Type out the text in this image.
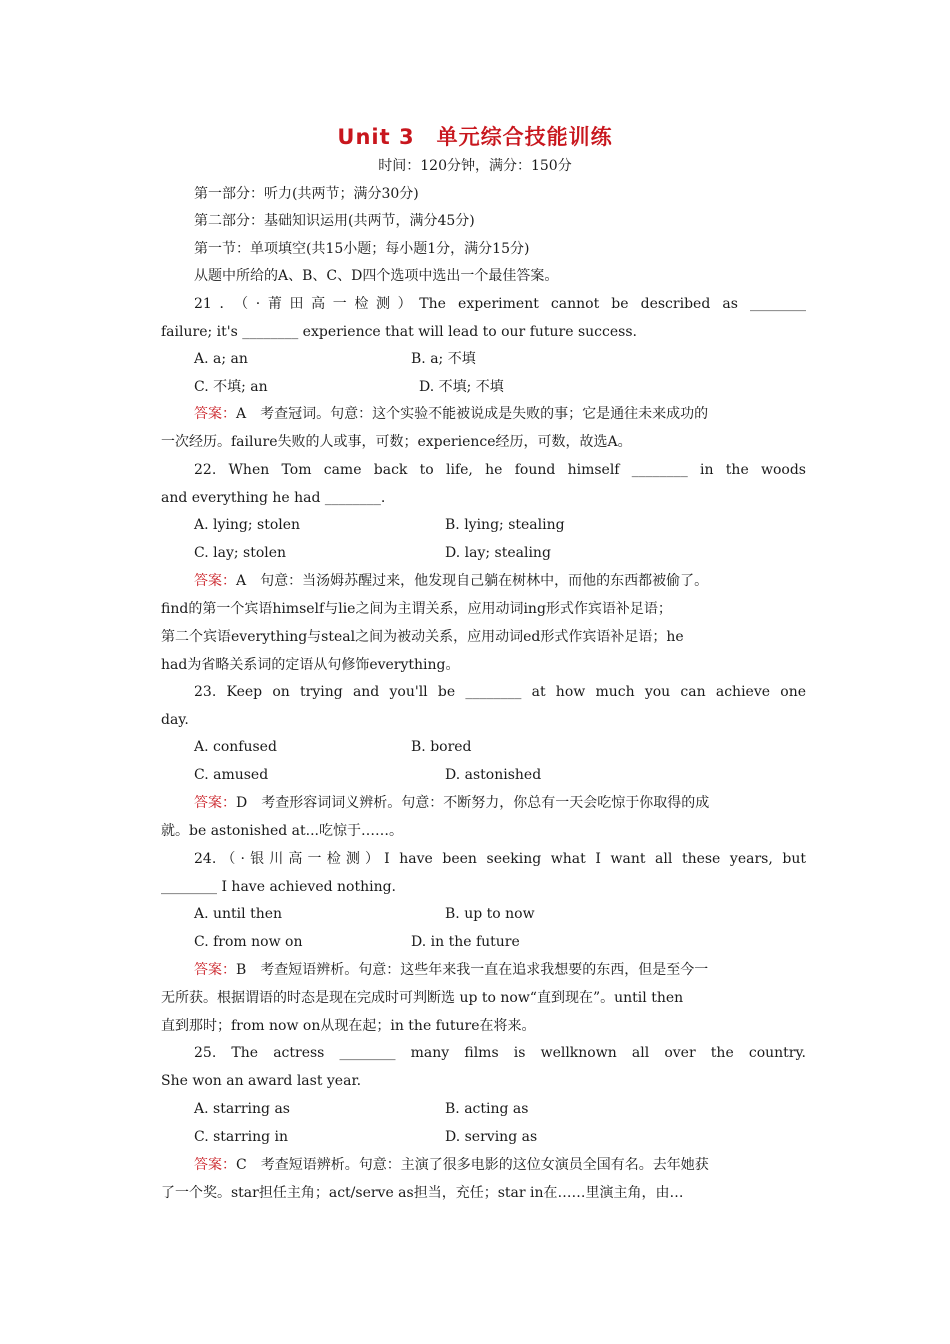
Unit 3　单元综合技能训练
时间：120分钟，满分：150分
第一部分：听力(共两节；满分30分)
第二部分：基础知识运用(共两节，满分45分)
第一节：单项填空(共15小题；每小题1分，满分15分)
从题中所给的A、B、C、D四个选项中选出一个最佳答案。
21．（·莆田高一检测）The experiment cannot be described as ________
failure; it's ________ experience that will lead to our future success.
A. a; an	B. a; 不填
C. 不填; an	D. 不填; 不填
答案：A　考查冠词。句意：这个实验不能被说成是失败的事；它是通往未来成功的
一次经历。failure失败的人或事，可数；experience经历，可数，故选A。
22. When Tom came back to life, he found himself ________ in the woods
and everything he had ________.
A. lying; stolen	B. lying; stealing
C. lay; stolen	D. lay; stealing
答案：A　句意：当汤姆苏醒过来，他发现自己躺在树林中，而他的东西都被偷了。
find的第一个宾语himself与lie之间为主谓关系，应用动词ing形式作宾语补足语；
第二个宾语everything与steal之间为被动关系，应用动词ed形式作宾语补足语；he
had为省略关系词的定语从句修饰everything。
23. Keep on trying and you'll be ________ at how much you can achieve one
day.
A. confused	B. bored
C. amused	D. astonished
答案：D　考查形容词词义辨析。句意：不断努力，你总有一天会吃惊于你取得的成
就。be astonished at...吃惊于……。
24.（·银川高一检测）I have been seeking what I want all these years, but
________ I have achieved nothing.
A. until then	B. up to now
C. from now on	D. in the future
答案：B　考查短语辨析。句意：这些年来我一直在追求我想要的东西，但是至今一
无所获。根据谓语的时态是现在完成时可判断选 up to now“直到现在”。until then
直到那时；from now on从现在起；in the future在将来。
25. The actress ________ many films is wellknown all over the country.
She won an award last year.
A. starring as	B. acting as
C. starring in	D. serving as
答案：C　考查短语辨析。句意：主演了很多电影的这位女演员全国有名。去年她获
了一个奖。star担任主角；act/serve as担当，充任；star in在……里演主角，由…
